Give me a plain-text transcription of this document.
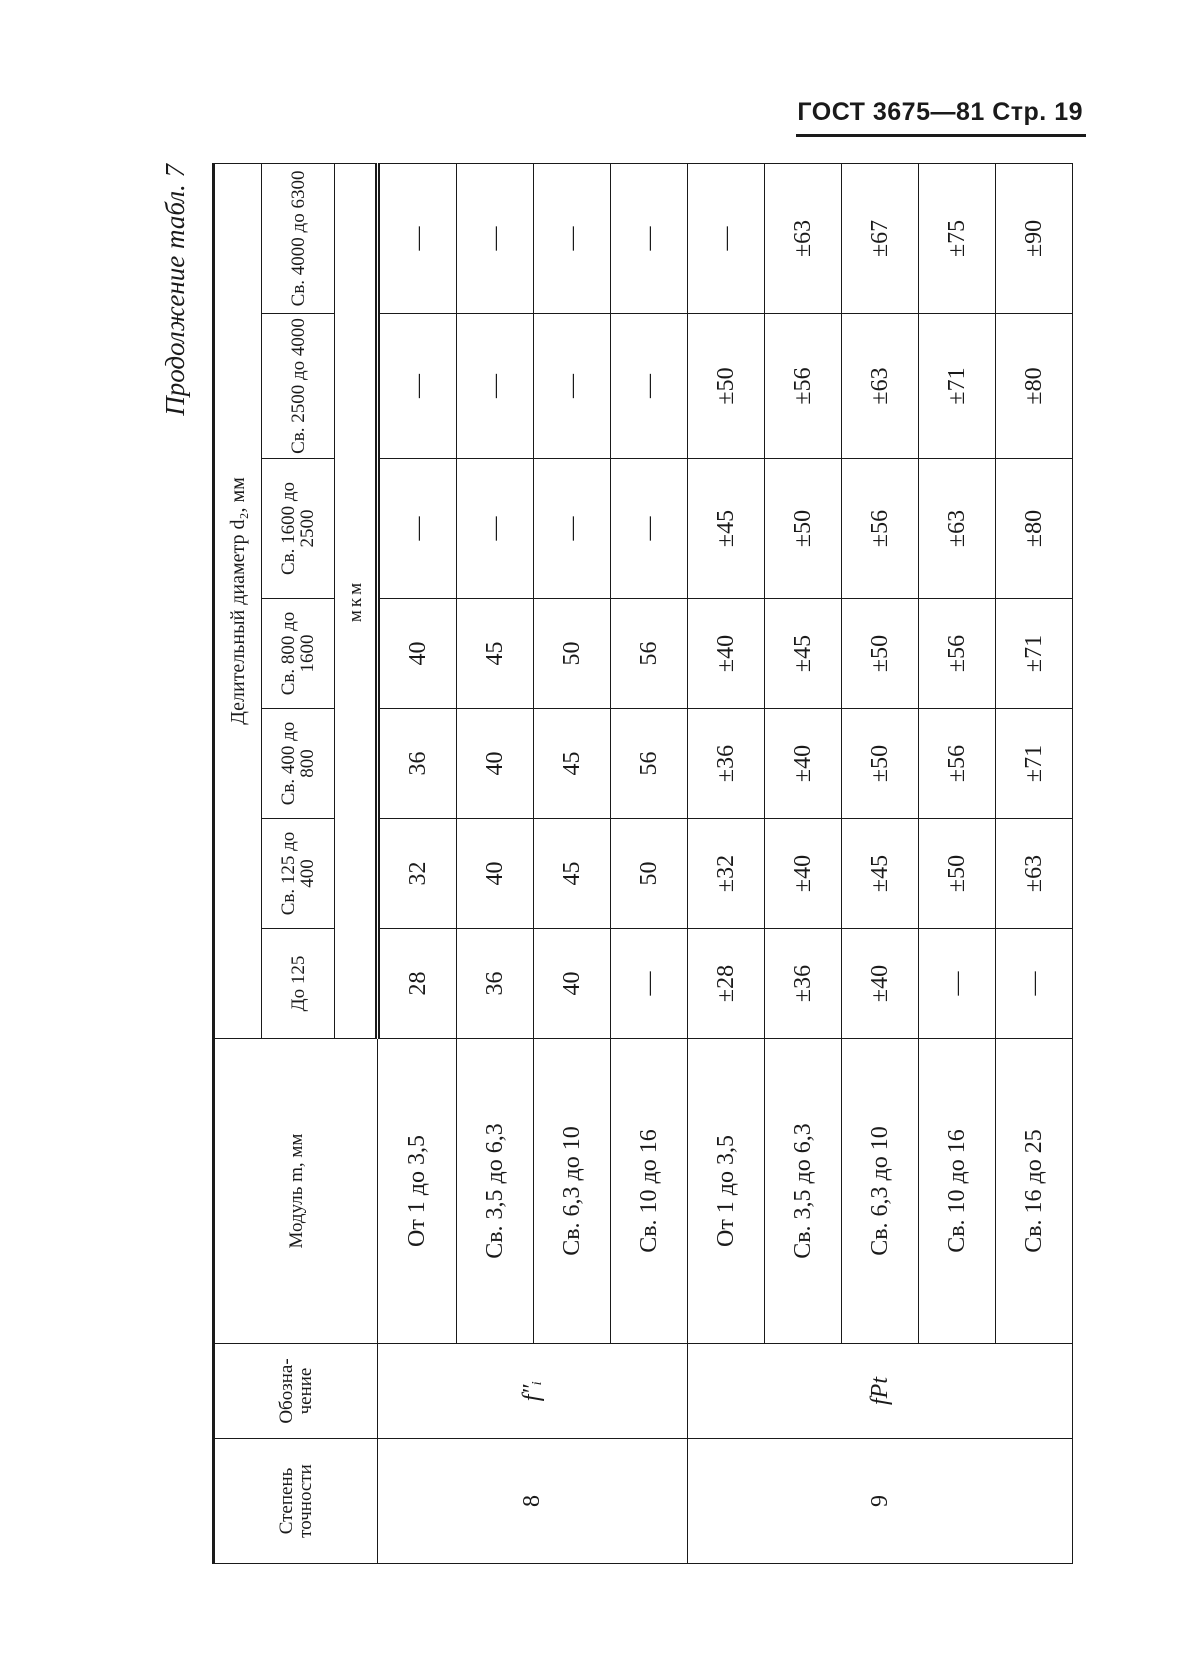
ГОСТ 3675—81 Стр. 19
Продолжение табл. 7
Степень точности	Обозна-чение	Модуль m, мм	Делительный диаметр d₂, мм						
			До 125	Св. 125 до 400	Св. 400 до 800	Св. 800 до 1600	Св. 1600 до 2500	Св. 2500 до 4000	Св. 4000 до 6300
			мкм						
8	f″ᵢ	От 1 до 3,5	28	32	36	40	—	—	—
		Св. 3,5 до 6,3	36	40	40	45	—	—	—
		Св. 6,3 до 10	40	45	45	50	—	—	—
		Св. 10 до 16	—	50	56	56	—	—	—
9	fPt	От 1 до 3,5	±28	±32	±36	±40	±45	±50	—
		Св. 3,5 до 6,3	±36	±40	±40	±45	±50	±56	±63
		Св. 6,3 до 10	±40	±45	±50	±50	±56	±63	±67
		Св. 10 до 16	—	±50	±56	±56	±63	±71	±75
		Св. 16 до 25	—	±63	±71	±71	±80	±80	±90
